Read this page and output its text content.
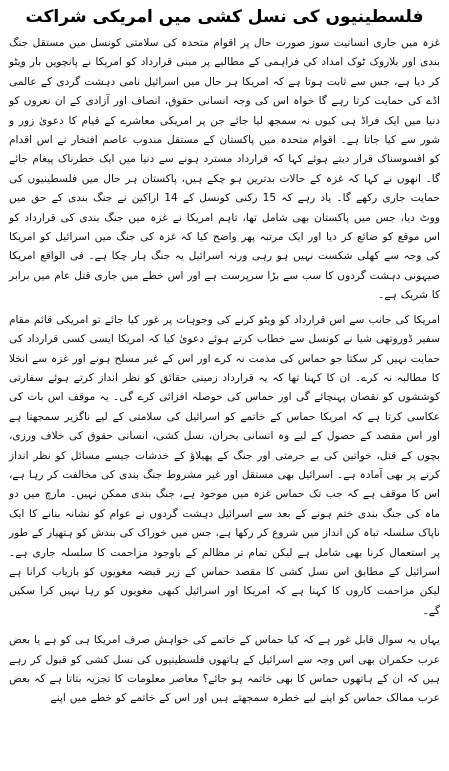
فلسطینیوں کی نسل کشی میں امریکی شراکت

غزہ میں جاری انسانیت سوز صورت حال پر اقوام متحدہ کی سلامتی کونسل میں مستقل جنگ بندی اور بلاروک ٹوک امداد کی فراہمی کے مطالبے پر مبنی قرارداد کو امریکا نے پانچویں بار ویٹو کر دیا ہے، جس سے ثابت ہوتا ہے کہ امریکا ہر حال میں اسرائیل نامی دہشت گردی کے عالمی اڈے کی حمایت کرتا رہے گا خواہ اس کی وجہ انسانی حقوق، انصاف اور آزادی کے ان نعروں کو دنیا میں ایک فراڈ ہی کیوں نہ سمجھ لیا جائے جن پر امریکی معاشرے کے قیام کا دعویٰ زور و شور سے کیا جاتا ہے۔ اقوام متحدہ میں پاکستان کے مستقل مندوب عاصم افتخار نے اس اقدام کو افسوسناک قرار دیتے ہوئے کہا کہ قرارداد مسترد ہونے سے دنیا میں ایک خطرناک پیغام جائے گا۔ انھوں نے کہا کہ غزہ کے حالات بدترین ہو چکے ہیں، پاکستان ہر حال میں فلسطینیوں کی حمایت جاری رکھے گا۔ یاد رہے کہ 15 رکنی کونسل کے 14 اراکین نے جنگ بندی کے حق میں ووٹ دیا، جس میں پاکستان بھی شامل تھا، تاہم امریکا نے غزہ میں جنگ بندی کی قرارداد کو اس موقع کو ضائع کر دیا اور ایک مرتبہ پھر واضح کیا کہ غزہ کی جنگ میں اسرائیل کو امریکا کی وجہ سے کھلی شکست نہیں ہو رہی ورنہ اسرائیل یہ جنگ ہار چکا ہے۔ فی الواقع امریکا صیہونی دہشت گردوں کا سب سے بڑا سرپرست ہے اور اس خطے میں جاری قتل عام میں برابر کا شریک ہے۔

امریکا کی جانب سے اس قرارداد کو ویٹو کرنے کی وجوہات پر غور کیا جائے تو امریکی قائم مقام سفیر ڈوروتھی شیا نے کونسل سے خطاب کرتے ہوئے دعویٰ کیا کہ امریکا ایسی کسی قرارداد کی حمایت نہیں کر سکتا جو حماس کی مذمت نہ کرے اور اس کے غیر مسلح ہونے اور غزہ سے انخلا کا مطالبہ نہ کرے۔ ان کا کہنا تھا کہ یہ قرارداد زمینی حقائق کو نظر انداز کرتے ہوئے سفارتی کوششوں کو نقصان پہنچائے گی اور حماس کی حوصلہ افزائی کرے گی۔ یہ موقف اس بات کی عکاسی کرتا ہے کہ امریکا حماس کے خاتمے کو اسرائیل کی سلامتی کے لیے ناگزیر سمجھتا ہے اور اس مقصد کے حصول کے لیے وہ انسانی بحران، نسل کشی، انسانی حقوق کی خلاف ورزی، بچوں کے قتل، خواتین کی بے حرمتی اور جنگ کے پھیلاؤ کے خدشات جیسے مسائل کو نظر انداز کرنے پر بھی آمادہ ہے۔ اسرائیل بھی مستقل اور غیر مشروط جنگ بندی کی مخالفت کر رہا ہے، اس کا موقف ہے کہ جب تک حماس غزہ میں موجود ہے، جنگ بندی ممکن نہیں۔ مارچ میں دو ماہ کی جنگ بندی ختم ہونے کے بعد سے اسرائیل دہشت گردوں نے عوام کو نشانہ بنانے کا ایک ناپاک سلسلہ تباہ کن انداز میں شروع کر رکھا ہے، جس میں خوراک کی بندش کو ہتھیار کے طور پر استعمال کرنا بھی شامل ہے لیکن تمام تر مظالم کے باوجود مزاحمت کا سلسلہ جاری ہے۔ اسرائیل کے مطابق اس نسل کشی کا مقصد حماس کے زیر قبضہ مغویوں کو بازیاب کرانا ہے لیکن مزاحمت کاروں کا کہنا ہے کہ امریکا اور اسرائیل کبھی مغویوں کو رہا نہیں کرا سکیں گے۔

یہاں یہ سوال قابل غور ہے کہ کیا حماس کے خاتمے کی خواہش صرف امریکا ہی کو ہے یا بعض عرب حکمران بھی اس وجہ سے اسرائیل کے ہاتھوں فلسطینیوں کی نسل کشی کو قبول کر رہے ہیں کہ ان کے ہاتھوں حماس کا بھی خاتمہ ہو جائے؟ معاصر معلومات کا تجزیہ بتاتا ہے کہ بعض عرب ممالک حماس کو اپنے لیے خطرہ سمجھتے ہیں اور اس کے خاتمے کو خطے میں اپنے
